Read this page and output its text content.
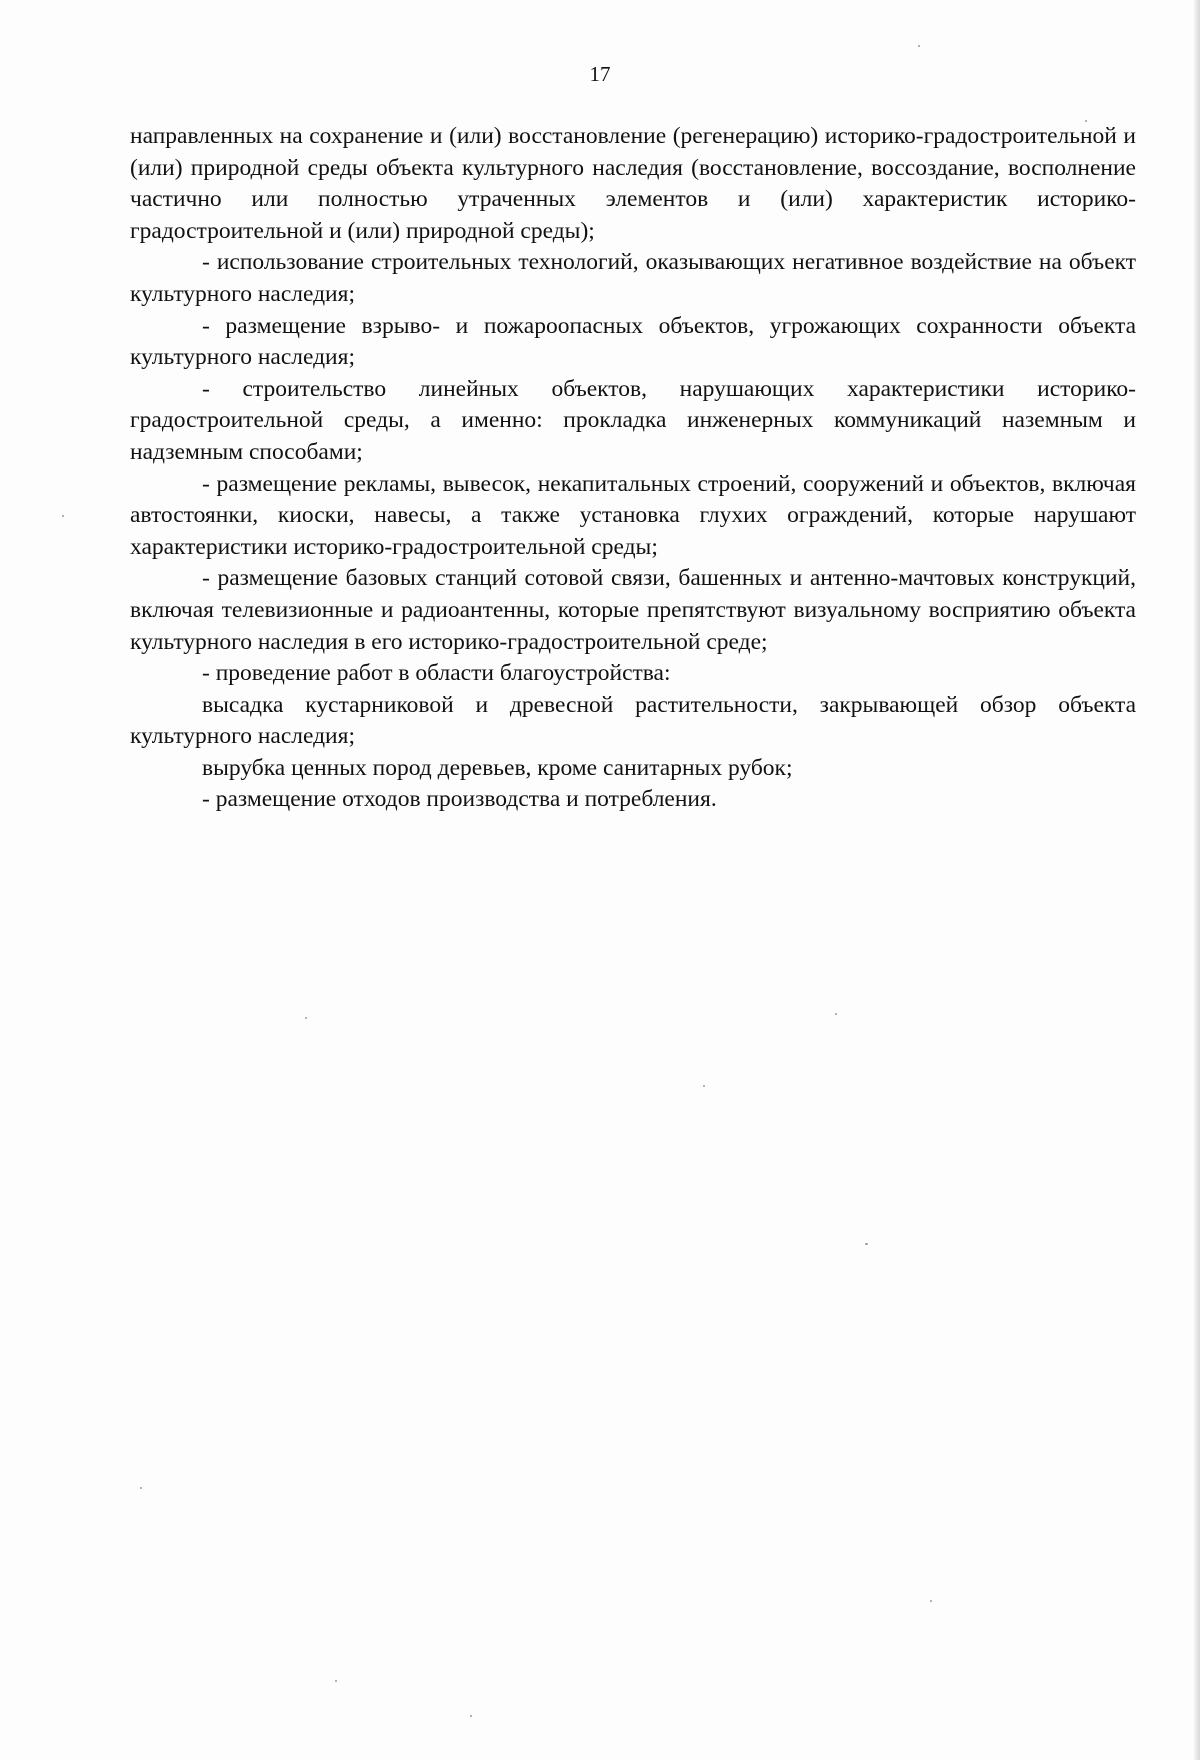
17

направленных на сохранение и (или) восстановление (регенерацию) историко-градостроительной и (или) природной среды объекта культурного наследия (восстановление, воссоздание, восполнение частично или полностью утраченных элементов и (или) характеристик историко-градостроительной и (или) природной среды);

- использование строительных технологий, оказывающих негативное воздействие на объект культурного наследия;

- размещение взрыво- и пожароопасных объектов, угрожающих сохранности объекта культурного наследия;

- строительство линейных объектов, нарушающих характеристики историко-градостроительной среды, а именно: прокладка инженерных коммуникаций наземным и надземным способами;

- размещение рекламы, вывесок, некапитальных строений, сооружений и объектов, включая автостоянки, киоски, навесы, а также установка глухих ограждений, которые нарушают характеристики историко-градостроительной среды;

- размещение базовых станций сотовой связи, башенных и антенно-мачтовых конструкций, включая телевизионные и радиоантенны, которые препятствуют визуальному восприятию объекта культурного наследия в его историко-градостроительной среде;

- проведение работ в области благоустройства:

высадка кустарниковой и древесной растительности, закрывающей обзор объекта культурного наследия;

вырубка ценных пород деревьев, кроме санитарных рубок;

- размещение отходов производства и потребления.
